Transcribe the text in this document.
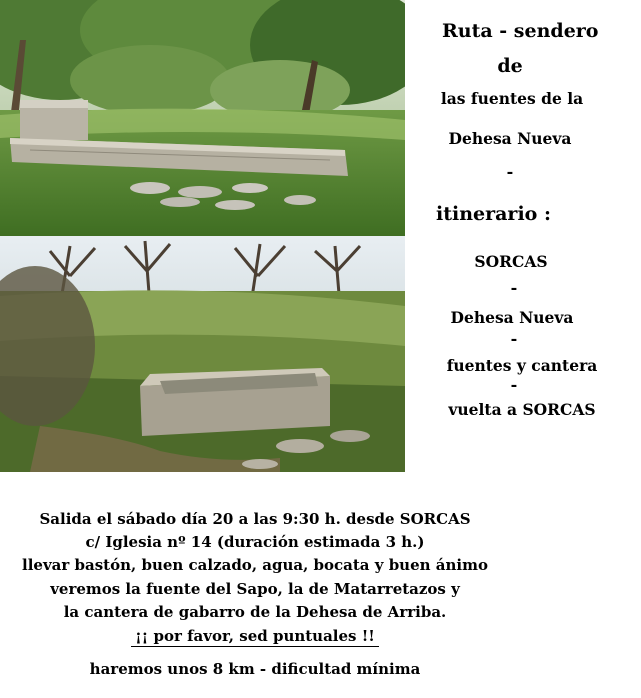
Ruta - sendero
de
las fuentes de la
Dehesa Nueva
-
itinerario :
SORCAS
-
Dehesa Nueva
-
fuentes y cantera
-
vuelta a SORCAS
Salida el sábado día 20 a las 9:30 h. desde SORCAS
c/ Iglesia nº 14 (duración estimada 3 h.)
llevar bastón, buen calzado, agua, bocata y buen ánimo
veremos la fuente del Sapo, la de Matarretazos y
la cantera de gabarro de la Dehesa de Arriba.
¡¡ por favor, sed puntuales !!
haremos unos 8 km - dificultad mínima
